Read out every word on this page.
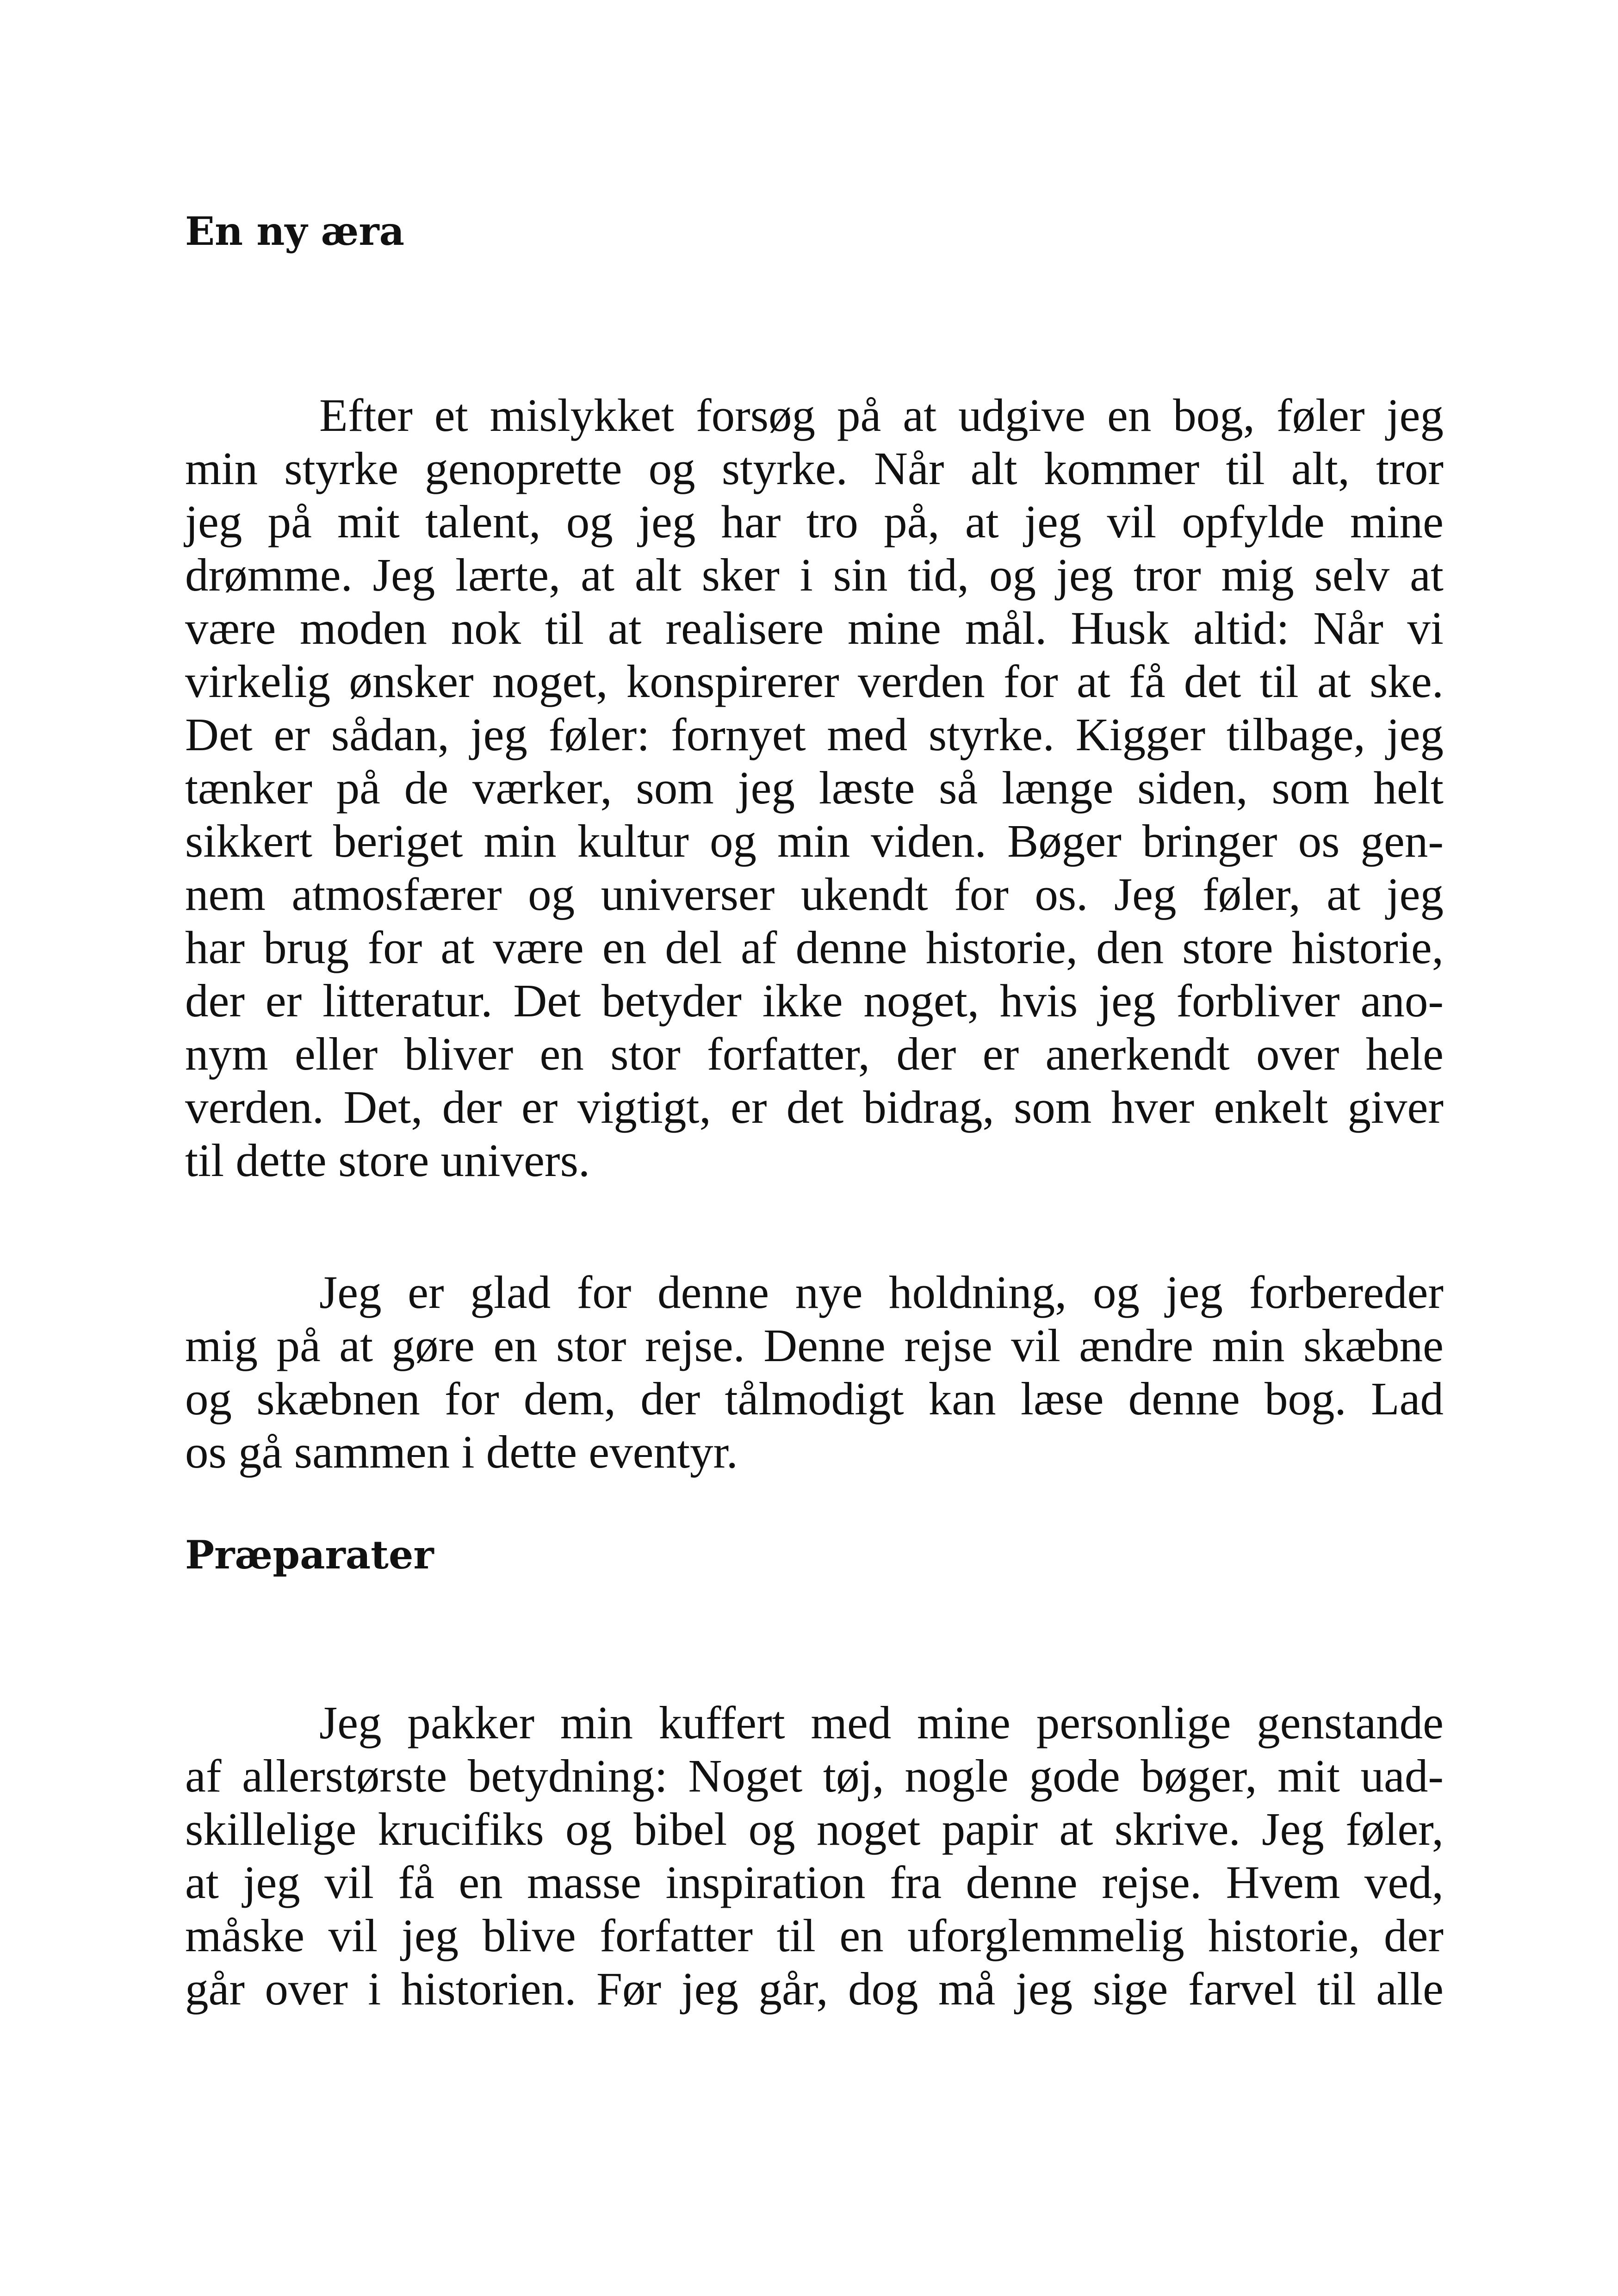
En ny æra
Efter et mislykket forsøg på at udgive en bog, føler jeg
min styrke genoprette og styrke. Når alt kommer til alt, tror
jeg på mit talent, og jeg har tro på, at jeg vil opfylde mine
drømme. Jeg lærte, at alt sker i sin tid, og jeg tror mig selv at
være moden nok til at realisere mine mål. Husk altid: Når vi
virkelig ønsker noget, konspirerer verden for at få det til at ske.
Det er sådan, jeg føler: fornyet med styrke. Kigger tilbage, jeg
tænker på de værker, som jeg læste så længe siden, som helt
sikkert beriget min kultur og min viden. Bøger bringer os gen-
nem atmosfærer og universer ukendt for os. Jeg føler, at jeg
har brug for at være en del af denne historie, den store historie,
der er litteratur. Det betyder ikke noget, hvis jeg forbliver ano-
nym eller bliver en stor forfatter, der er anerkendt over hele
verden. Det, der er vigtigt, er det bidrag, som hver enkelt giver
til dette store univers.
Jeg er glad for denne nye holdning, og jeg forbereder
mig på at gøre en stor rejse. Denne rejse vil ændre min skæbne
og skæbnen for dem, der tålmodigt kan læse denne bog. Lad
os gå sammen i dette eventyr.
Præparater
Jeg pakker min kuffert med mine personlige genstande
af allerstørste betydning: Noget tøj, nogle gode bøger, mit uad-
skillelige krucifiks og bibel og noget papir at skrive. Jeg føler,
at jeg vil få en masse inspiration fra denne rejse. Hvem ved,
måske vil jeg blive forfatter til en uforglemmelig historie, der
går over i historien. Før jeg går, dog må jeg sige farvel til alle
